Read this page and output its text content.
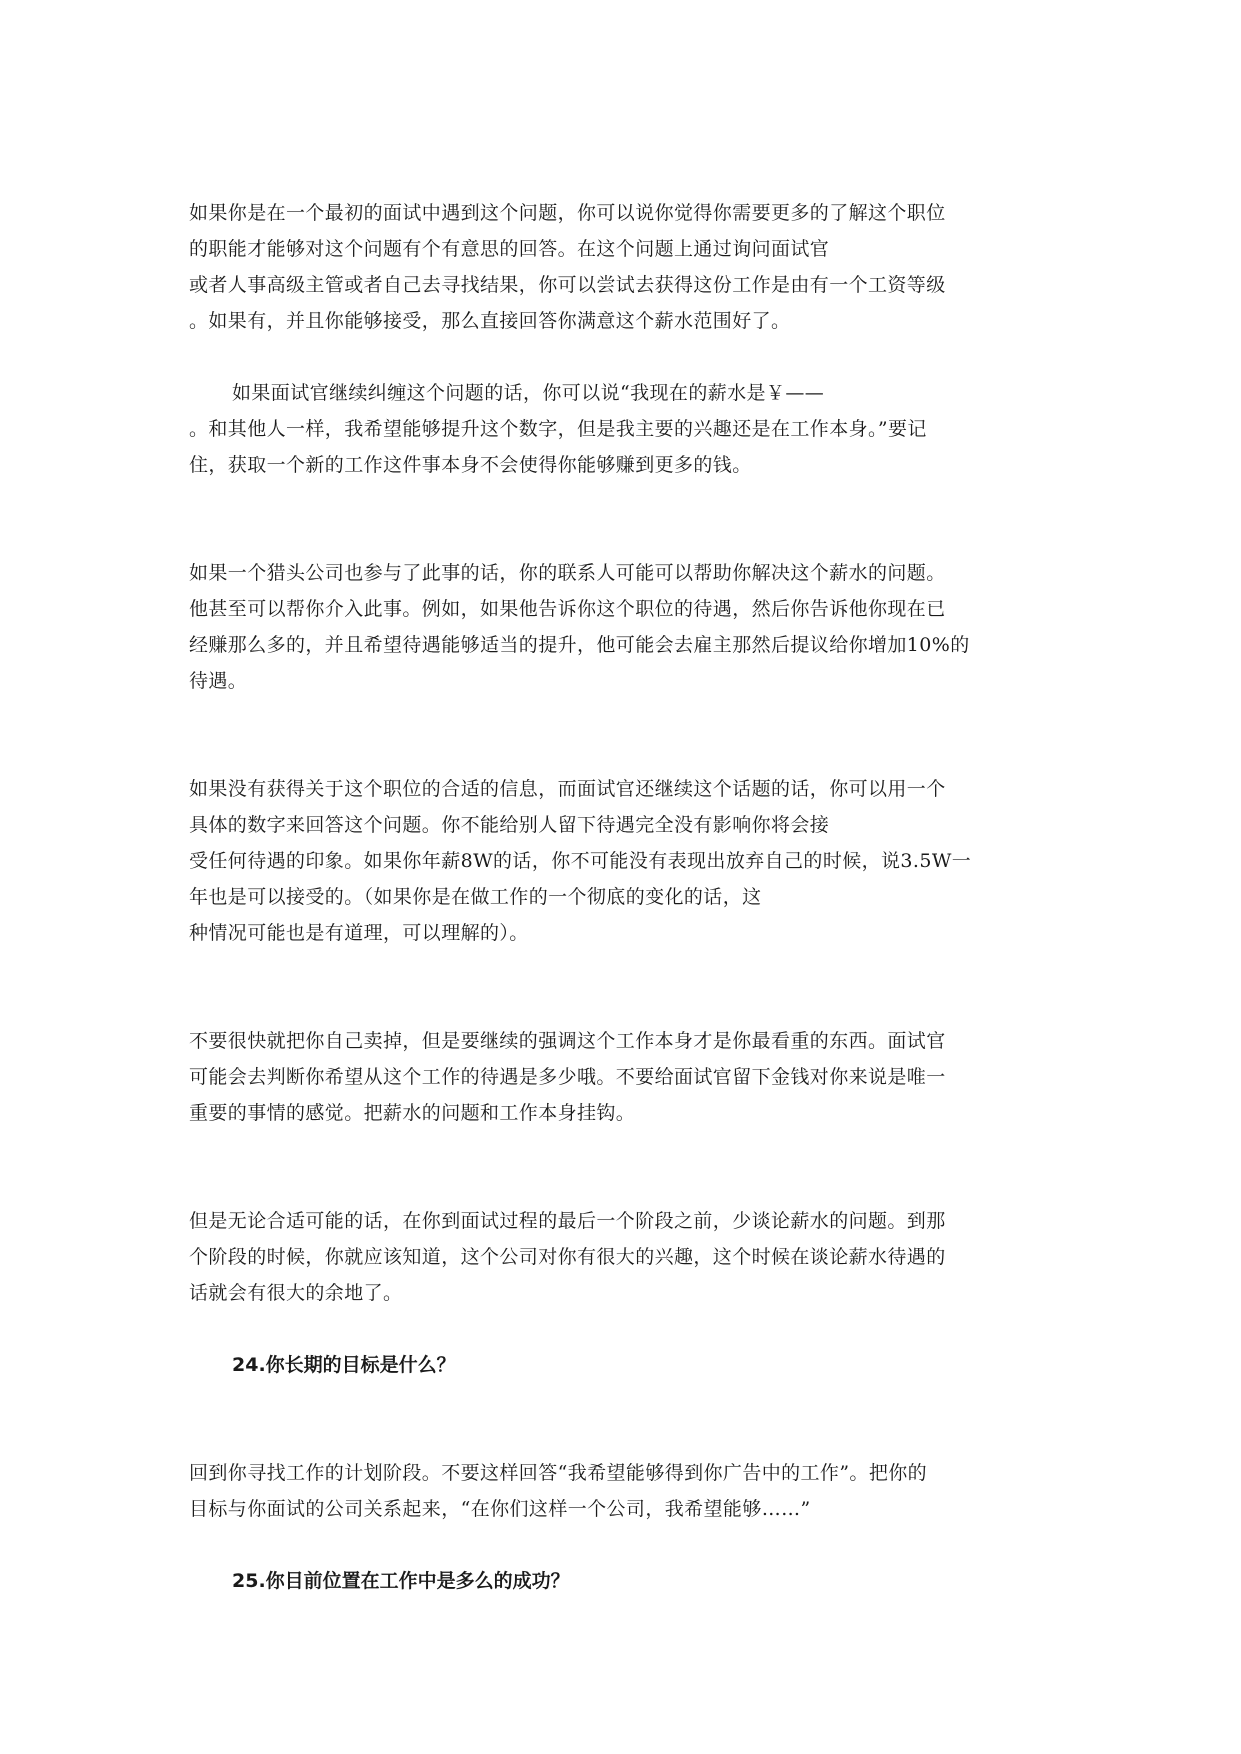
如果你是在一个最初的面试中遇到这个问题，你可以说你觉得你需要更多的了解这个职位
的职能才能够对这个问题有个有意思的回答。在这个问题上通过询问面试官
或者人事高级主管或者自己去寻找结果，你可以尝试去获得这份工作是由有一个工资等级
。如果有，并且你能够接受，那么直接回答你满意这个薪水范围好了。
如果面试官继续纠缠这个问题的话，你可以说“我现在的薪水是￥——
。和其他人一样，我希望能够提升这个数字，但是我主要的兴趣还是在工作本身。”要记
住，获取一个新的工作这件事本身不会使得你能够赚到更多的钱。
如果一个猎头公司也参与了此事的话，你的联系人可能可以帮助你解决这个薪水的问题。
他甚至可以帮你介入此事。例如，如果他告诉你这个职位的待遇，然后你告诉他你现在已
经赚那么多的，并且希望待遇能够适当的提升，他可能会去雇主那然后提议给你增加10%的
待遇。
如果没有获得关于这个职位的合适的信息，而面试官还继续这个话题的话，你可以用一个
具体的数字来回答这个问题。你不能给别人留下待遇完全没有影响你将会接
受任何待遇的印象。如果你年薪8W的话，你不可能没有表现出放弃自己的时候，说3.5W一
年也是可以接受的。（如果你是在做工作的一个彻底的变化的话，这
种情况可能也是有道理，可以理解的）。
不要很快就把你自己卖掉，但是要继续的强调这个工作本身才是你最看重的东西。面试官
可能会去判断你希望从这个工作的待遇是多少哦。不要给面试官留下金钱对你来说是唯一
重要的事情的感觉。把薪水的问题和工作本身挂钩。
但是无论合适可能的话，在你到面试过程的最后一个阶段之前，少谈论薪水的问题。到那
个阶段的时候，你就应该知道，这个公司对你有很大的兴趣，这个时候在谈论薪水待遇的
话就会有很大的余地了。
24.你长期的目标是什么？
回到你寻找工作的计划阶段。不要这样回答“我希望能够得到你广告中的工作”。把你的
目标与你面试的公司关系起来，“在你们这样一个公司，我希望能够……”
25.你目前位置在工作中是多么的成功？
